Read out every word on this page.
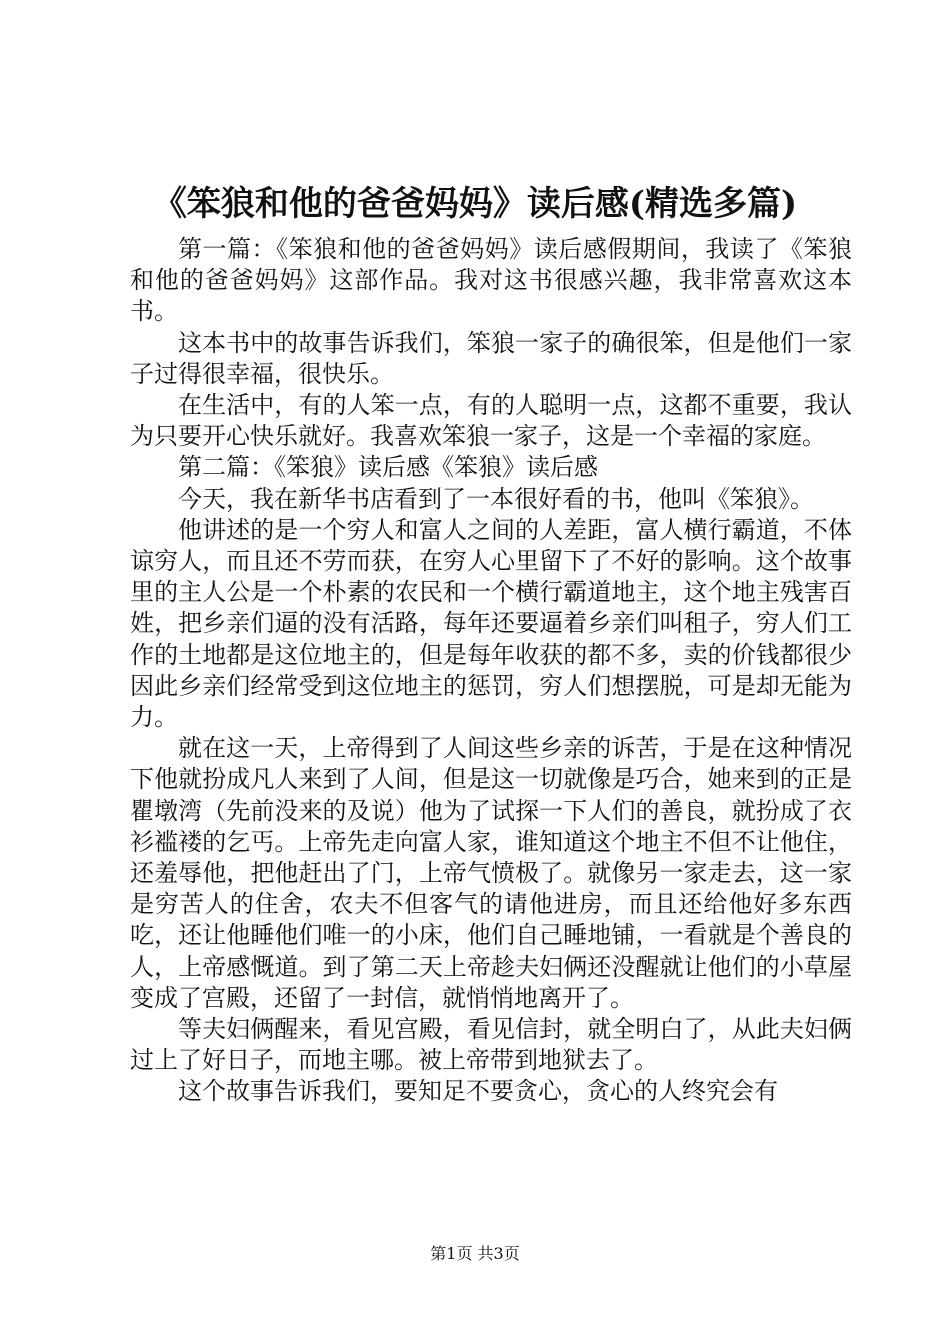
《笨狼和他的爸爸妈妈》读后感(精选多篇)

第一篇：《笨狼和他的爸爸妈妈》读后感假期间，我读了《笨狼和他的爸爸妈妈》这部作品。我对这书很感兴趣，我非常喜欢这本书。

这本书中的故事告诉我们，笨狼一家子的确很笨，但是他们一家子过得很幸福，很快乐。

在生活中，有的人笨一点，有的人聪明一点，这都不重要，我认为只要开心快乐就好。我喜欢笨狼一家子，这是一个幸福的家庭。

第二篇：《笨狼》读后感《笨狼》读后感

今天，我在新华书店看到了一本很好看的书，他叫《笨狼》。

他讲述的是一个穷人和富人之间的人差距，富人横行霸道，不体谅穷人，而且还不劳而获，在穷人心里留下了不好的影响。这个故事里的主人公是一个朴素的农民和一个横行霸道地主，这个地主残害百姓，把乡亲们逼的没有活路，每年还要逼着乡亲们叫租子，穷人们工作的土地都是这位地主的，但是每年收获的都不多，卖的价钱都很少因此乡亲们经常受到这位地主的惩罚，穷人们想摆脱，可是却无能为力。

就在这一天，上帝得到了人间这些乡亲的诉苦，于是在这种情况下他就扮成凡人来到了人间，但是这一切就像是巧合，她来到的正是瞿墩湾（先前没来的及说）他为了试探一下人们的善良，就扮成了衣衫褴褛的乞丐。上帝先走向富人家，谁知道这个地主不但不让他住，还羞辱他，把他赶出了门，上帝气愤极了。就像另一家走去，这一家是穷苦人的住舍，农夫不但客气的请他进房，而且还给他好多东西吃，还让他睡他们唯一的小床，他们自己睡地铺，一看就是个善良的人，上帝感慨道。到了第二天上帝趁夫妇俩还没醒就让他们的小草屋变成了宫殿，还留了一封信，就悄悄地离开了。

等夫妇俩醒来，看见宫殿，看见信封，就全明白了，从此夫妇俩过上了好日子，而地主哪。被上帝带到地狱去了。

这个故事告诉我们，要知足不要贪心，贪心的人终究会有

第1页 共3页
